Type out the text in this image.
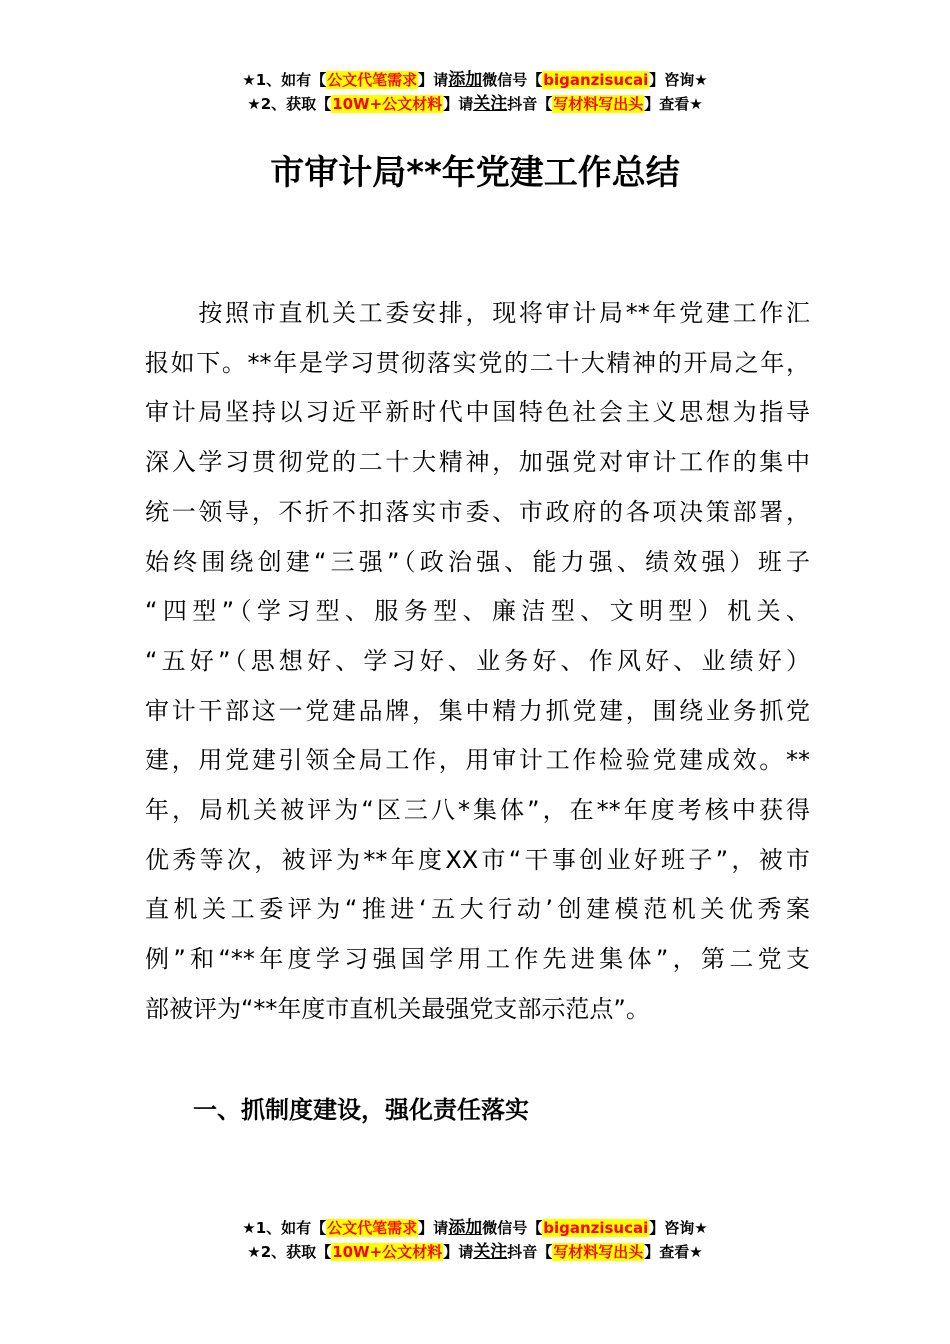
★1、如有【公文代笔需求】请添加微信号【biganzisucai】咨询★
★2、获取【10W+公文材料】请关注抖音【写材料写出头】查看★
市审计局**年党建工作总结
　　按照市直机关工委安排，现将审计局**年党建工作汇
报如下。**年是学习贯彻落实党的二十大精神的开局之年，
审计局坚持以习近平新时代中国特色社会主义思想为指导
深入学习贯彻党的二十大精神，加强党对审计工作的集中
统一领导，不折不扣落实市委、市政府的各项决策部署，
始终围绕创建“三强”（政治强、能力强、绩效强）班子
“四型”（学习型、服务型、廉洁型、文明型）机关、
“五好”（思想好、学习好、业务好、作风好、业绩好）
审计干部这一党建品牌，集中精力抓党建，围绕业务抓党
建，用党建引领全局工作，用审计工作检验党建成效。**
年，局机关被评为“区三八*集体”，在**年度考核中获得
优秀等次，被评为**年度XX市“干事创业好班子”，被市
直机关工委评为“推进‘五大行动’创建模范机关优秀案
例”和“**年度学习强国学用工作先进集体”，第二党支
部被评为“**年度市直机关最强党支部示范点”。
一、抓制度建设，强化责任落实
★1、如有【公文代笔需求】请添加微信号【biganzisucai】咨询★
★2、获取【10W+公文材料】请关注抖音【写材料写出头】查看★
